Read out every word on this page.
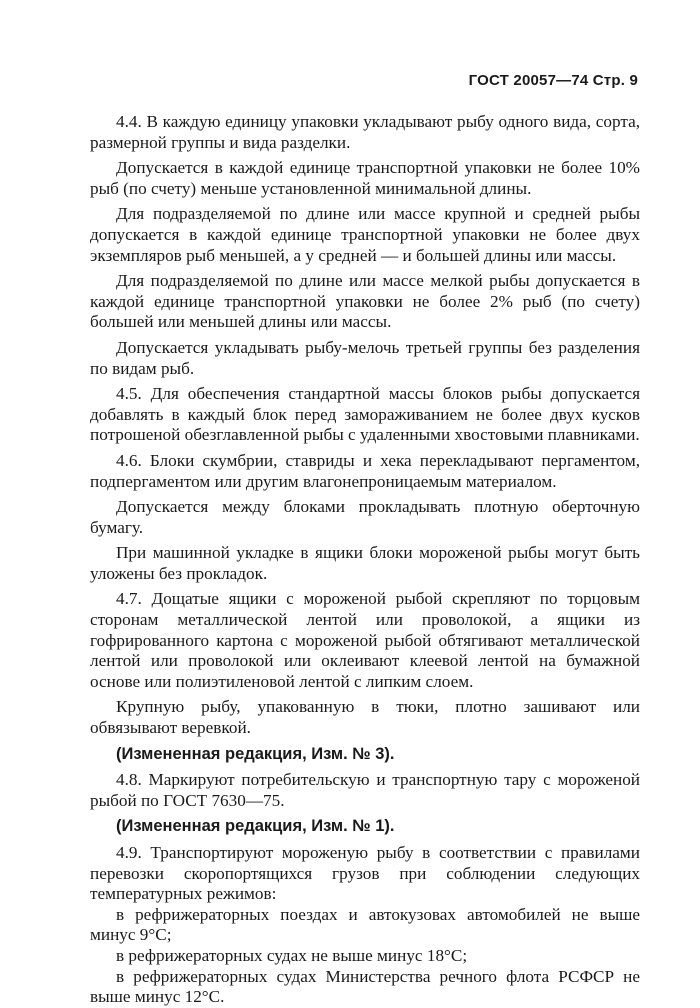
ГОСТ 20057—74 Стр. 9

4.4. В каждую единицу упаковки укладывают рыбу одного вида, сорта, размерной группы и вида разделки.

Допускается в каждой единице транспортной упаковки не более 10% рыб (по счету) меньше установленной минимальной длины.

Для подразделяемой по длине или массе крупной и средней рыбы допускается в каждой единице транспортной упаковки не более двух экземпляров рыб меньшей, а у средней — и большей длины или массы.

Для подразделяемой по длине или массе мелкой рыбы допускается в каждой единице транспортной упаковки не более 2% рыб (по счету) большей или меньшей длины или массы.

Допускается укладывать рыбу-мелочь третьей группы без разделения по видам рыб.

4.5. Для обеспечения стандартной массы блоков рыбы допускается добавлять в каждый блок перед замораживанием не более двух кусков потрошеной обезглавленной рыбы с удаленными хвостовыми плавниками.

4.6. Блоки скумбрии, ставриды и хека перекладывают пергаментом, подпергаментом или другим влагонепроницаемым материалом.

Допускается между блоками прокладывать плотную оберточную бумагу.

При машинной укладке в ящики блоки мороженой рыбы могут быть уложены без прокладок.

4.7. Дощатые ящики с мороженой рыбой скрепляют по торцовым сторонам металлической лентой или проволокой, а ящики из гофрированного картона с мороженой рыбой обтягивают металлической лентой или проволокой или оклеивают клеевой лентой на бумажной основе или полиэтиленовой лентой с липким слоем.

Крупную рыбу, упакованную в тюки, плотно зашивают или обвязывают веревкой.

(Измененная редакция, Изм. № 3).

4.8. Маркируют потребительскую и транспортную тару с мороженой рыбой по ГОСТ 7630—75.

(Измененная редакция, Изм. № 1).

4.9. Транспортируют мороженую рыбу в соответствии с правилами перевозки скоропортящихся грузов при соблюдении следующих температурных режимов:

в рефрижераторных поездах и автокузовах автомобилей не выше минус 9°С;

в рефрижераторных судах не выше минус 18°С;

в рефрижераторных судах Министерства речного флота РСФСР не выше минус 12°С.
